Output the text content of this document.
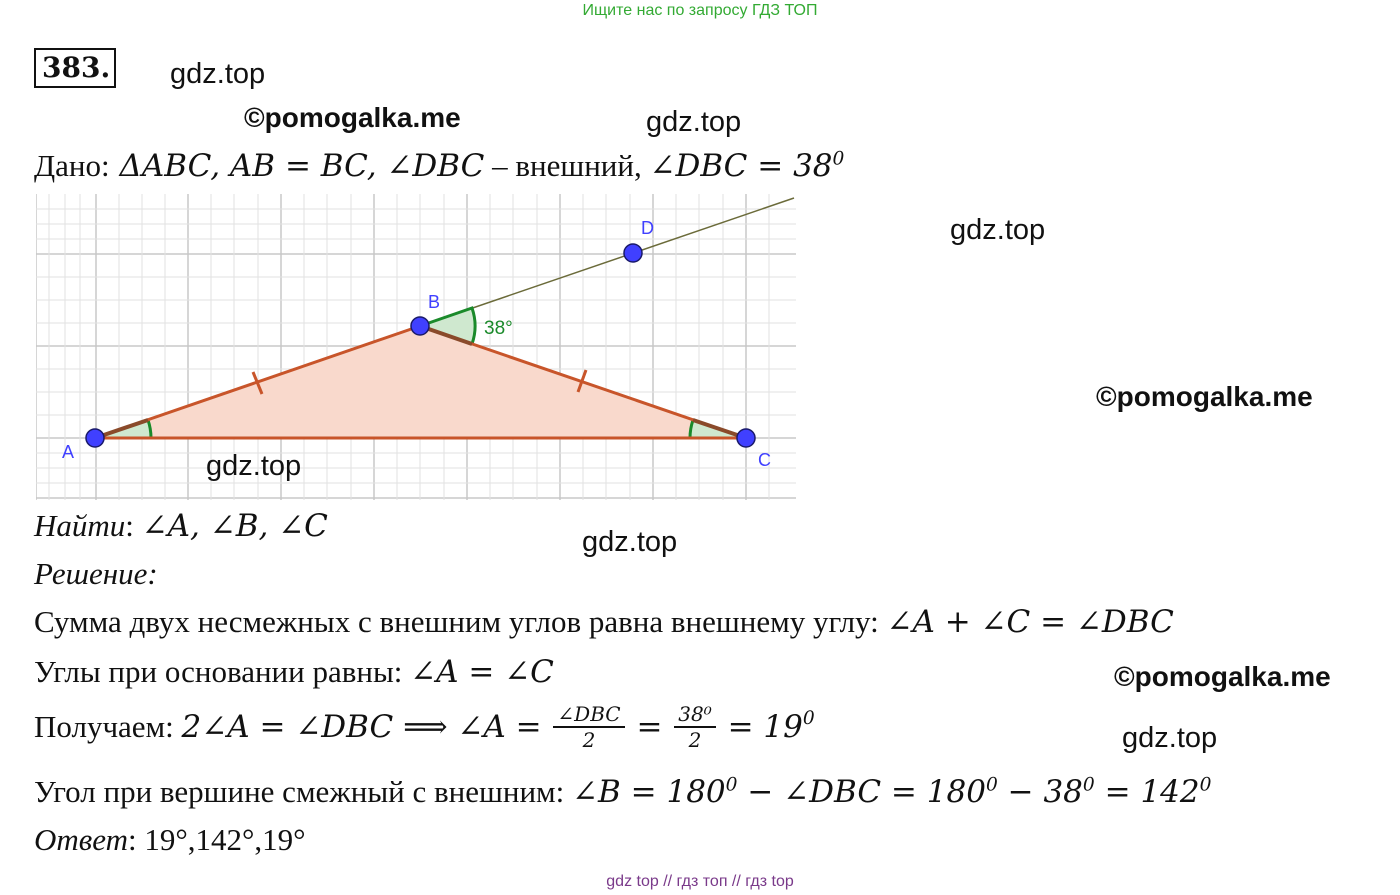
Ищите нас по запросу ГДЗ ТОП
383. gdz.top
©pomogalka.me	gdz.top
gdz.top
©pomogalka.me
Дано: ΔABC, AB = BC, ∠DBC – внешний, ∠DBC = $38^0$
A
B
C
D
38°
gdz.top
Найти: ∠A, ∠B, ∠C	gdz.top
Решение:
Сумма двух несмежных с внешним углов равна внешнему углу: ∠A + ∠C = ∠DBC
Углы при основании равны: ∠A = ∠C	©pomogalka.me
Получаем: 2∠A = ∠DBC ⟹ ∠A = $\frac{\text{∠DBC}}{2} = \frac{\text{38⁰}}{2} = 19^0$
gdz.top
Угол при вершине смежный с внешним: ∠B = $180^0$ − ∠DBC = $180^0 - 38^0 = 142^0$
Ответ: 19°,142°,19°
gdz top // гдз топ // гдз top
